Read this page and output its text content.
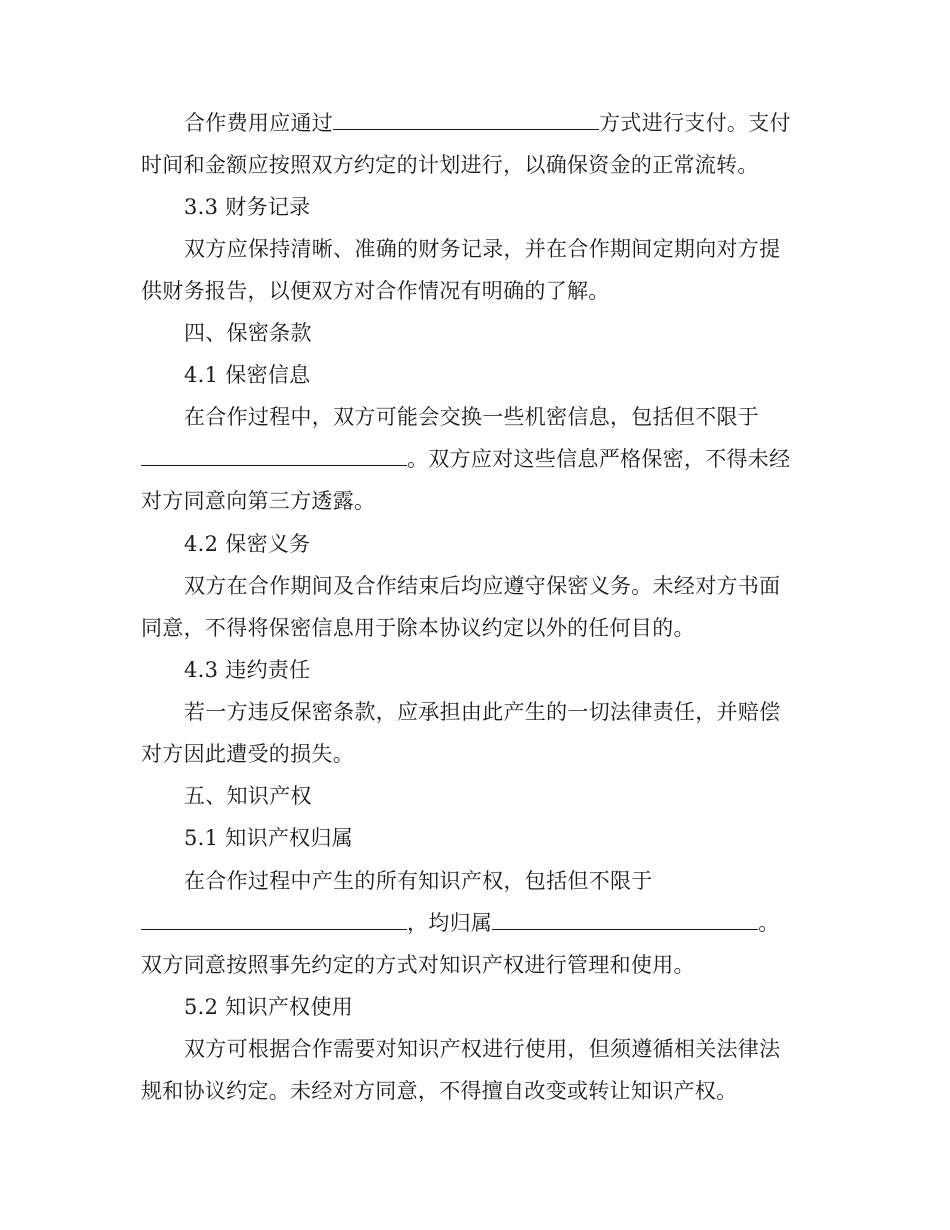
合作费用应通过	方式进行支付。支付
时间和金额应按照双方约定的计划进行，以确保资金的正常流转。
3.3 财务记录
双方应保持清晰、准确的财务记录，并在合作期间定期向对方提
供财务报告，以便双方对合作情况有明确的了解。
四、保密条款
4.1 保密信息
在合作过程中，双方可能会交换一些机密信息，包括但不限于
。双方应对这些信息严格保密，不得未经
对方同意向第三方透露。
4.2 保密义务
双方在合作期间及合作结束后均应遵守保密义务。未经对方书面
同意，不得将保密信息用于除本协议约定以外的任何目的。
4.3 违约责任
若一方违反保密条款，应承担由此产生的一切法律责任，并赔偿
对方因此遭受的损失。
五、知识产权
5.1 知识产权归属
在合作过程中产生的所有知识产权，包括但不限于
，均归属	。
双方同意按照事先约定的方式对知识产权进行管理和使用。
5.2 知识产权使用
双方可根据合作需要对知识产权进行使用，但须遵循相关法律法
规和协议约定。未经对方同意，不得擅自改变或转让知识产权。
